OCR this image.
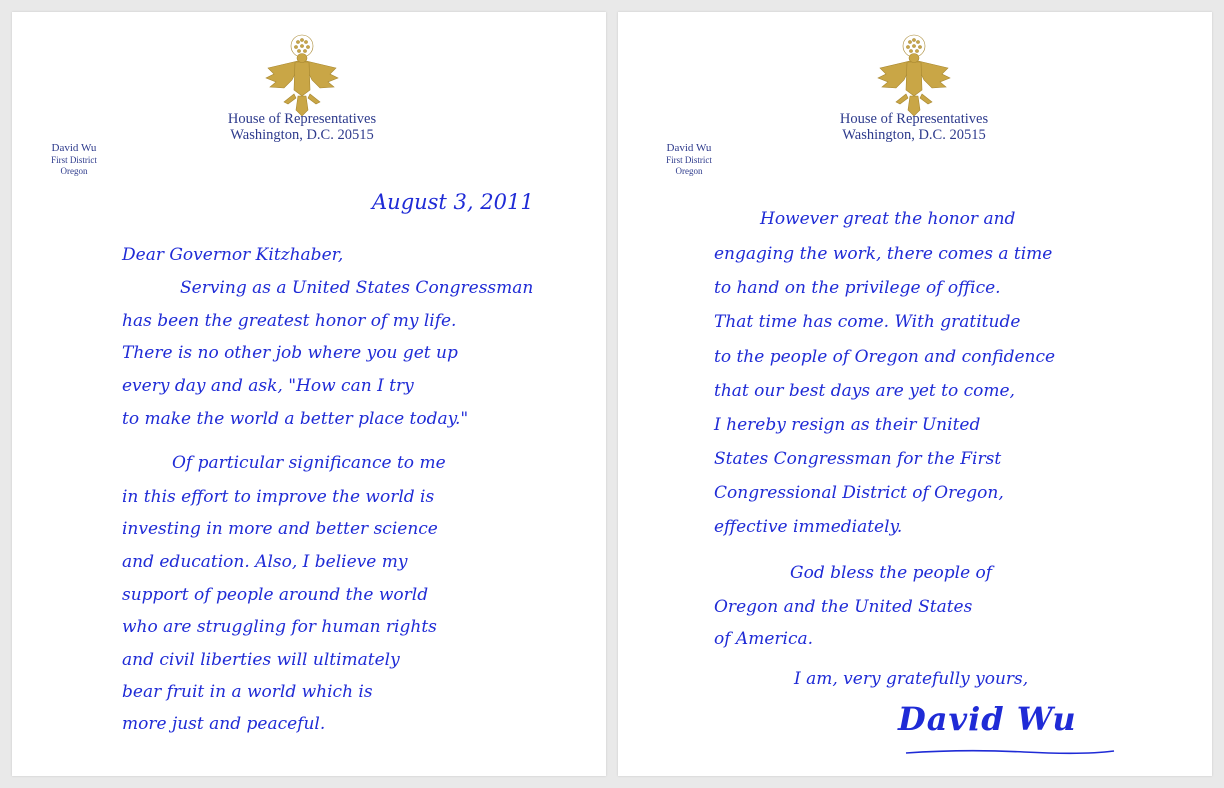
House of Representatives
Washington, D.C. 20515
David Wu
First District
Oregon
August 3, 2011
Dear Governor Kitzhaber,
Serving as a United States Congressman
has been the greatest honor of my life.
There is no other job where you get up
every day and ask, "How can I try
to make the world a better place today."
Of particular significance to me
in this effort to improve the world is
investing in more and better science
and education. Also, I believe my
support of people around the world
who are struggling for human rights
and civil liberties will ultimately
bear fruit in a world which is
more just and peaceful.
House of Representatives
Washington, D.C. 20515
David Wu
First District
Oregon
However great the honor and
engaging the work, there comes a time
to hand on the privilege of office.
That time has come. With gratitude
to the people of Oregon and confidence
that our best days are yet to come,
I hereby resign as their United
States Congressman for the First
Congressional District of Oregon,
effective immediately.
God bless the people of
Oregon and the United States
of America.
I am, very gratefully yours,
David Wu
